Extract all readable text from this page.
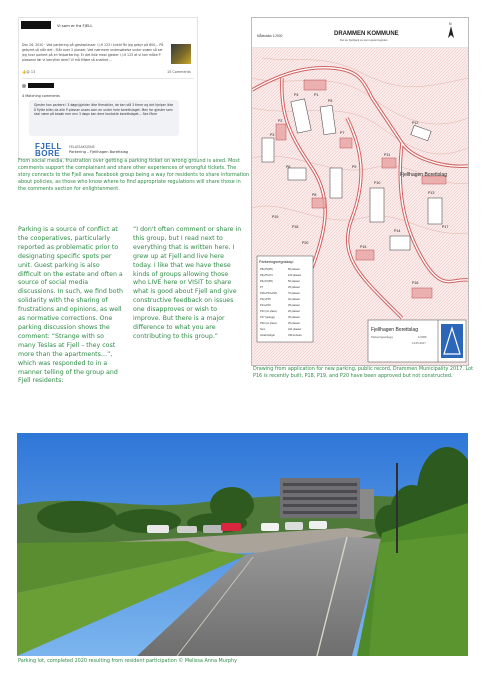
Vi som er fra FJELL
Dec 26, 2020 · Ved parkering på gjesteplasser i J.H 123 i kveld får jeg gebyr på 600,-. På gebyret så står det : Står over 2 plasser. Ved nærmere undersøkelse under snøen så ser jeg hvor parkert på en feilparkering. Er det ikke mest gjester i J.H 123 at vi kan måke P plassene før vi benytter dem? Vi må tilføre så snakket …
👍😠 13	10 Comments
4 Matching comments
Gjester kan parkere i 3 døgn/gjelder ikke firmabiler, de kan stå 3 timer og det hjelper ikke å flytte bilen da alle P-plasser anses som en under hele borettslaget. Men for gjester som skal være på besøk mer enn 3 døgn kan dere kontakte borettslaget... See More
FJELL
BORE
FELLESAKSJONS
Parkering – Fjellhagen Borettslag
From social media, frustration over getting a parking ticket on wrong ground is aired. Most comments support the complainant and share other experiences of wrongful tickets. The story connects to the Fjell area Facebook group being a way for residents to share information about policies, as those who know where to find appropriate regulations will share those in the comments section for enlightenment.
MÅlestokk 1:2000	DRAMMEN KOMMUNE
Del av Fjellpark av det reguleringsplan
N
P1
P2
P3
P4
P5
P6
P7
P8
P9
P10
P11
P12
P13
P14
P15
P16
P17
P18
P19
P20
Fjellhagen Borettslag
Parkeringsregnskap:
P8+P9(P6)	56 plasser
P6+P5+P4	100 plasser
P3+P2(P6)	50 plasser
P7	25 plasser
P18+P19+P20	70 plasser
P12+P15	40 plasser
P14+P16	35 plasser
P13 (no plass)	20 plasser
P17 (anlegg)	30 plasser
P20 (no plass)	25 plasser
Sum	421 plasser
Antall boliger	330 enheter
Fjellhagen Borettslag
Parkeringsanlegg	1/2006
11.05.2017
Drawing from application for new parking, public record, Drammen Municipality 2017. Lot P16 is recently built, P18, P19, and P20 have been approved but not constructed.
Parking is a source of conflict at the cooperatives, particularly reported as problematic prior to designating specific spots per unit. Guest parking is also difficult on the estate and often a source of social media discussions. In such, we find both solidarity with the sharing of frustrations and opinions, as well as normative corrections. One parking discussion shows the comment: “Strange with so many Teslas at Fjell – they cost more than the apartments…”, which was responded to in a manner telling of the group and Fjell residents:
“I don't often comment or share in this group, but I read next to everything that is written here. I grew up at Fjell and live here today. I like that we have these kinds of groups allowing those who LIVE here or VISIT to share what is good about Fjell and give constructive feedback on issues one disapproves or wish to improve. But there is a major difference to what you are contributing to this group.”
Parking lot, completed 2020 resulting from resident participation © Melissa Anna Murphy
